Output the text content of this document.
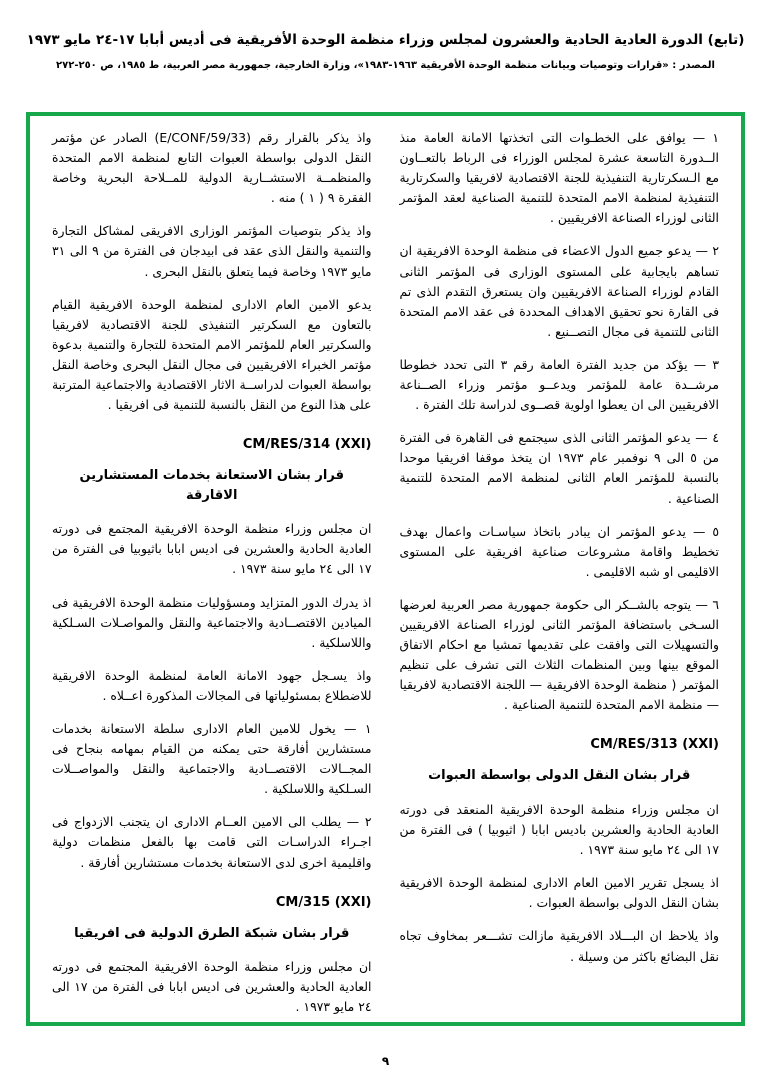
(تابع) الدورة العادية الحادية والعشرون لمجلس وزراء منظمة الوحدة الأفريقية فى أديس أبابا ١٧-٢٤ مايو ١٩٧٣
المصدر : «قرارات وتوصيات وبيانات منظمة الوحدة الأفريقية ١٩٦٣-١٩٨٣»، وزارة الخارجية، جمهورية مصر العربية، ط ١٩٨٥، ص ٢٥٠-٢٧٢

١ — يوافق على الخطـوات التى اتخذتها الامانة العامة منذ الــدورة التاسعة عشرة لمجلس الوزراء فى الرباط بالتعــاون مع الـسكرتارية التنفيذية للجنة الاقتصادية لافريقيا والسكرتارية التنفيذية لمنظمة الامم المتحدة للتنمية الصناعية لعقد المؤتمر الثانى لوزراء الصناعة الافريقيين .

٢ — يدعو جميع الدول الاعضاء فى منظمة الوحدة الافريقية ان تساهم بايجابية على المستوى الوزارى فى المؤتمر الثانى القادم لوزراء الصناعة الافريقيين وان يستعرق التقدم الذى تم فى القارة نحو تحقيق الاهداف المحددة فى عقد الامم المتحدة الثانى للتنمية فى مجال التصــنيع .

٣ — يؤكد من جديد الفترة العامة رقم ٣ التى تحدد خطوطا مرشــدة عامة للمؤتمر ويدعــو مؤتمر وزراء الصــناعة الافريقيين الى ان يعطوا اولوية قصــوى لدراسة تلك الفترة .

٤ — يدعو المؤتمر الثانى الذى سيجتمع فى القاهرة فى الفترة من ٥ الى ٩ نوفمبر عام ١٩٧٣ ان يتخذ موقفا افريقيا موحدا بالنسبة للمؤتمر العام الثانى لمنظمة الامم المتحدة للتنمية الصناعية .

٥ — يدعو المؤتمر ان يبادر باتخاذ سياسـات واعمال بهدف تخطيط واقامة مشروعات صناعية افريقية على المستوى الاقليمى او شبه الاقليمى .

٦ — يتوجه بالشــكر الى حكومة جمهورية مصر العربية لعرضها السـخى باستضافة المؤتمر الثانى لوزراء الصناعة الافريقيين والتسهيلات التى وافقت على تقديمها تمشيا مع احكام الاتفاق الموقع بينها وبين المنظمات الثلاث التى تشرف على تنظيم المؤتمر ( منظمة الوحدة الافريقية — اللجنة الاقتصادية لافريقيا — منظمة الامم المتحدة للتنمية الصناعية .

CM/RES/313 (XXI)
قرار بشان النقل الدولى بواسطة العبوات

ان مجلس وزراء منظمة الوحدة الافريقية المنعقد فى دورته العادية الحادية والعشرين باديس ابابا ( اثيوبيا ) فى الفترة من ١٧ الى ٢٤ مايو سنة ١٩٧٣ .

اذ يسجل تقرير الامين العام الادارى لمنظمة الوحدة الافريقية بشان النقل الدولى بواسطة العبوات .

واذ يلاحظ ان البـــلاد الافريقية مازالت تشـــعر بمخاوف تجاه نقل البضائع باكثر من وسيلة .

واذ يذكر بالقرار رقم (E/CONF/59/33) الصادر عن مؤتمر النقل الدولى بواسطة العبوات التابع لمنظمة الامم المتحدة والمنظمــة الاستشــارية الدولية للمــلاحة البحرية وخاصة الفقرة ٩ ( ١ ) منه .

واذ يذكر بتوصيات المؤتمر الوزارى الافريقى لمشاكل التجارة والتنمية والنقل الذى عقد فى ابيدجان فى الفترة من ٩ الى ٣١ مايو ١٩٧٣ وخاصة فيما يتعلق بالنقل البحرى .

يدعو الامين العام الادارى لمنظمة الوحدة الافريقية القيام بالتعاون مع السكرتير التنفيذى للجنة الاقتصادية لافريقيا والسكرتير العام للمؤتمر الامم المتحدة للتجارة والتنمية بدعوة مؤتمر الخبراء الافريقيين فى مجال النقل البحرى وخاصة النقل بواسطة العبوات لدراســة الاثار الاقتصادية والاجتماعية المترتبة على هذا النوع من النقل بالنسبة للتنمية فى افريقيا .

CM/RES/314 (XXI)
قرار بشان الاستعانة بخدمات المستشارين الاقارقة

ان مجلس وزراء منظمة الوحدة الافريقية المجتمع فى دورته العادية الحادية والعشرين فى اديس ابابا باثيوبيا فى الفترة من ١٧ الى ٢٤ مايو سنة ١٩٧٣ .

اذ يدرك الدور المتزايد ومسؤوليات منظمة الوحدة الافريقية فى الميادين الاقتصــادية والاجتماعية والنقل والمواصـلات السـلكية واللاسلكية .

واذ يسـجل جهود الامانة العامة لمنظمة الوحدة الافريقية للاضطلاع بمسئولياتها فى المجالات المذكورة اعــلاه .

١ — يخول للامين العام الادارى سلطة الاستعانة بخدمات مستشارين أفارقة حتى يمكنه من القيام بمهامه بنجاح فى المجــالات الاقتصــادية والاجتماعية والنقل والمواصــلات السـلكية واللاسلكية .

٢ — يطلب الى الامين العــام الادارى ان يتجنب الازدواج فى اجـراء الدراسـات التى قامت بها بالفعل منظمات دولية واقليمية اخرى لدى الاستعانة بخدمات مستشارين أفارقة .

CM/315 (XXI)
قرار بشان شبكة الطرق الدولية فى افريقيا

ان مجلس وزراء منظمة الوحدة الافريقية المجتمع فى دورته العادية الحادية والعشرين فى اديس ابابا فى الفترة من ١٧ الى ٢٤ مايو ١٩٧٣ .

٩
